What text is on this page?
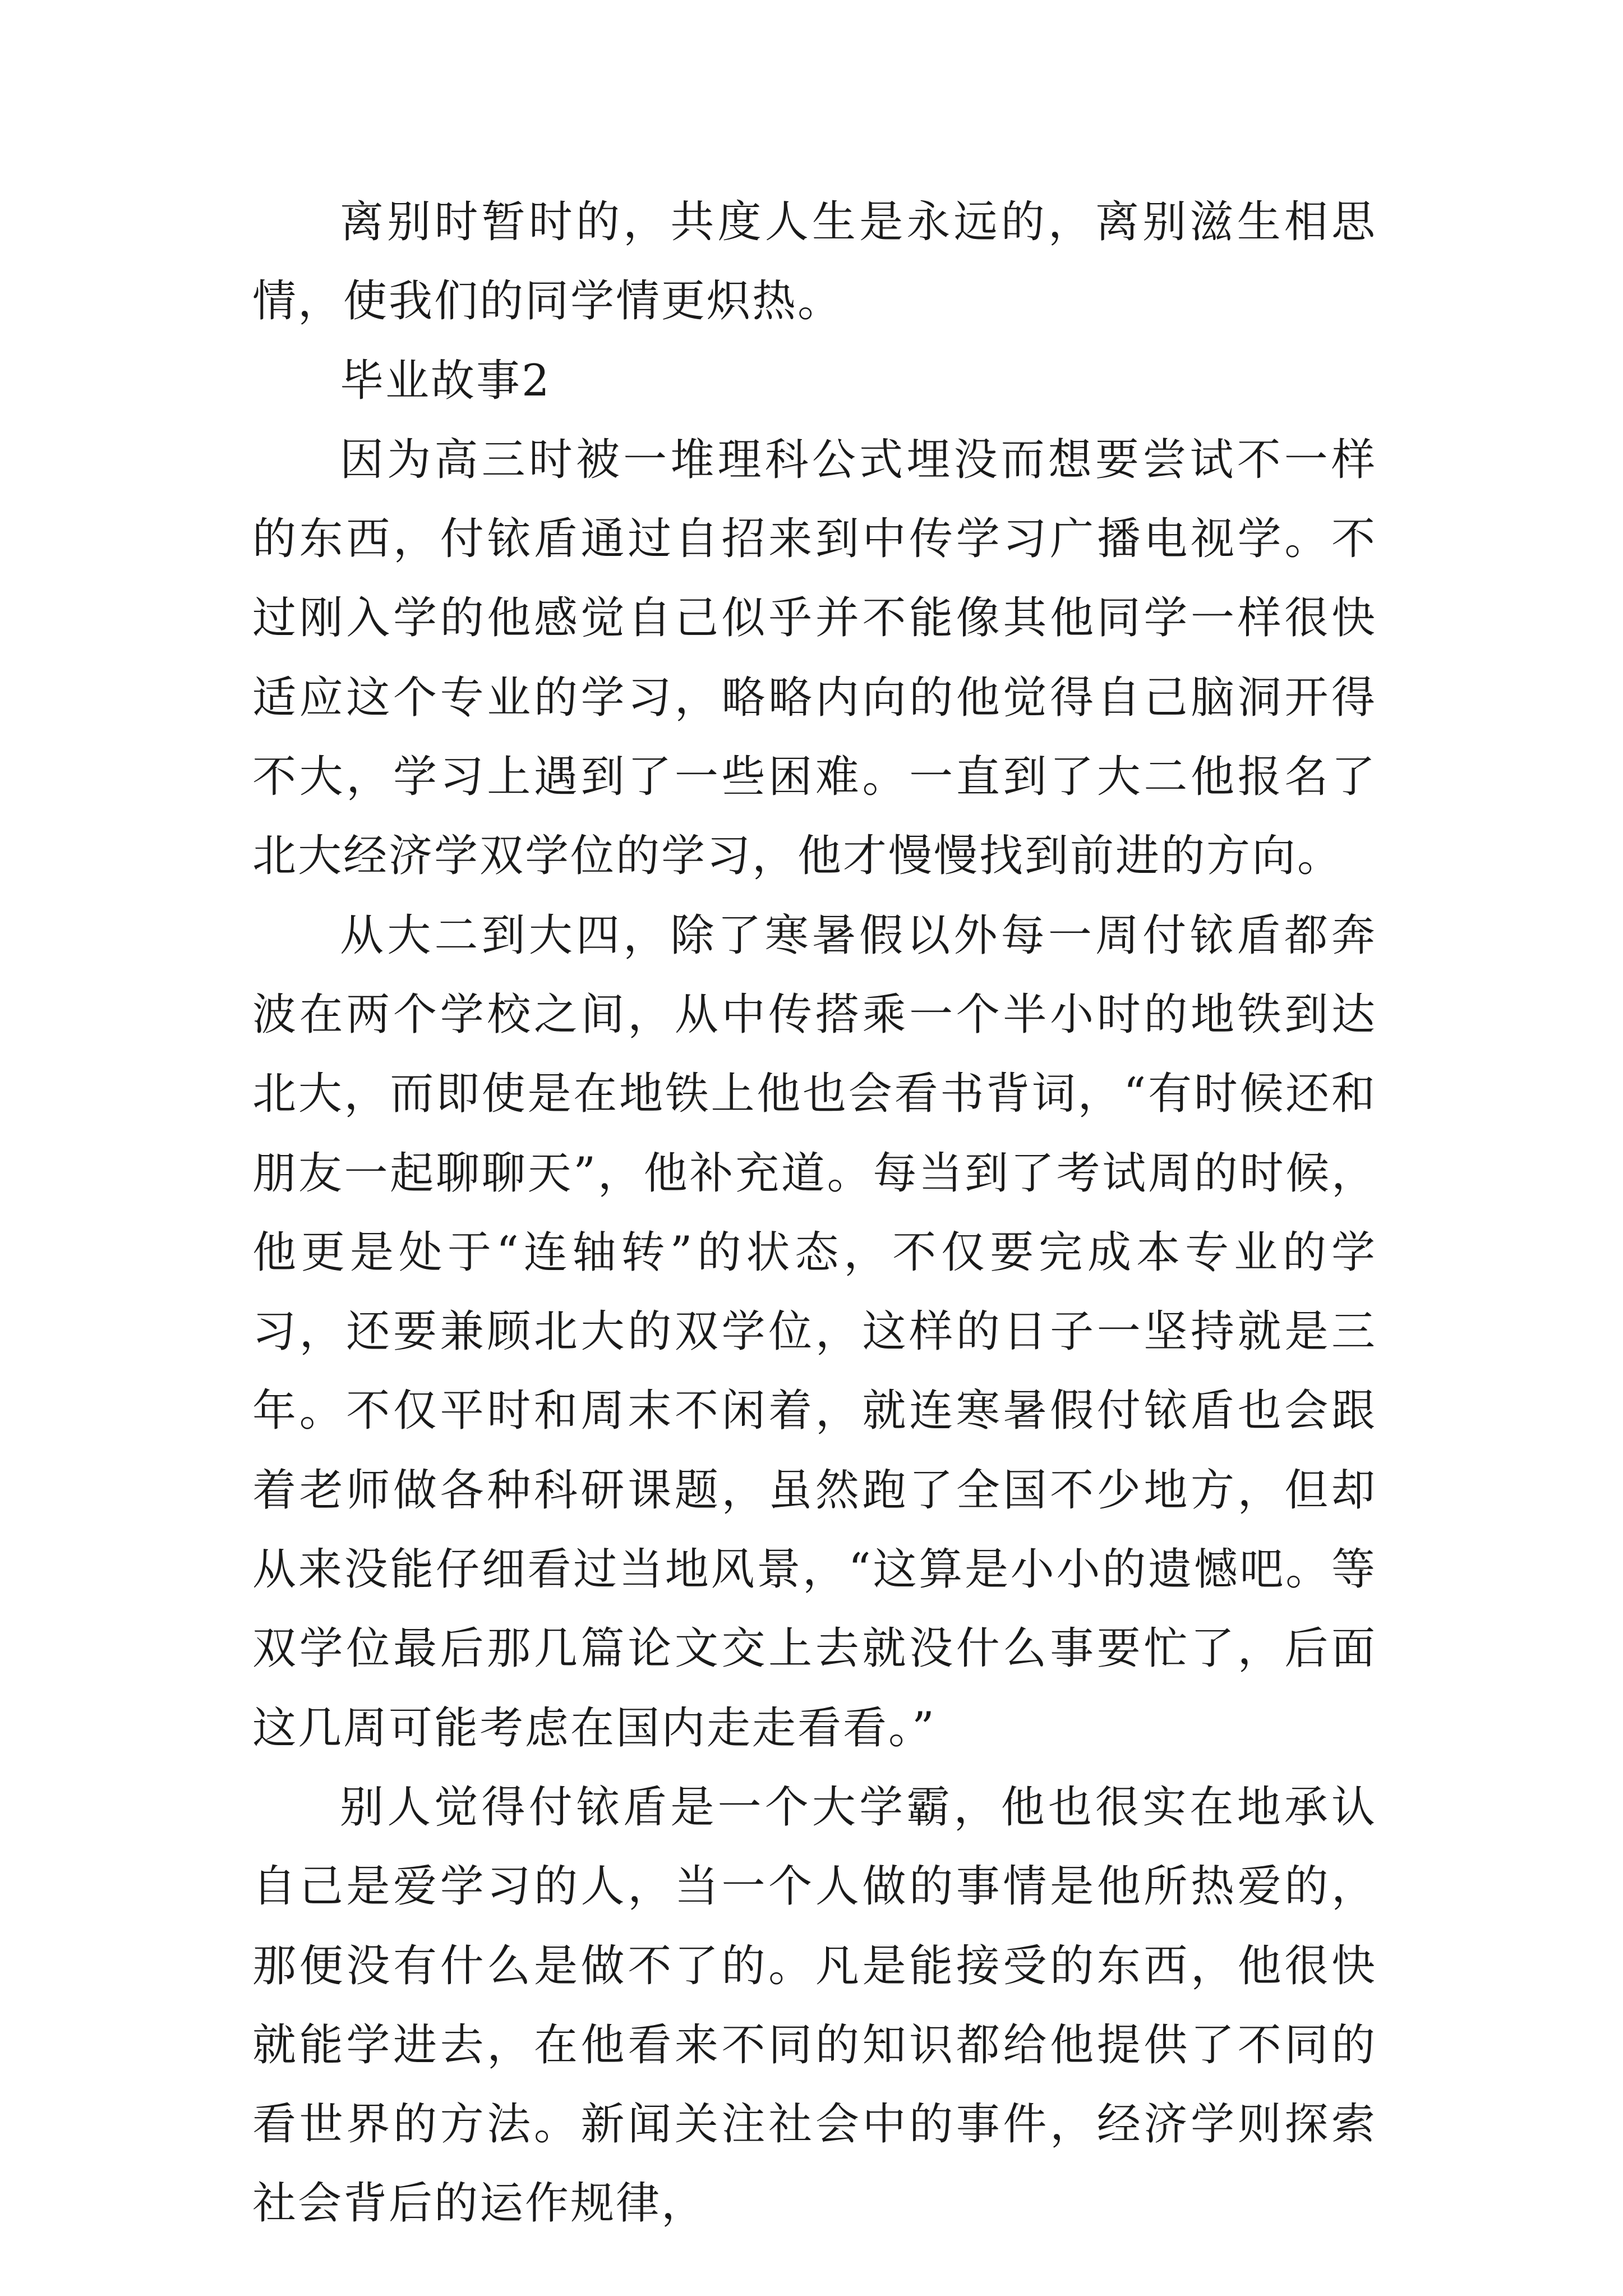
离别时暂时的，共度人生是永远的，离别滋生相思情，使我们的同学情更炽热。

毕业故事2

因为高三时被一堆理科公式埋没而想要尝试不一样的东西，付铱盾通过自招来到中传学习广播电视学。不过刚入学的他感觉自己似乎并不能像其他同学一样很快适应这个专业的学习，略略内向的他觉得自己脑洞开得不大，学习上遇到了一些困难。一直到了大二他报名了北大经济学双学位的学习，他才慢慢找到前进的方向。

从大二到大四，除了寒暑假以外每一周付铱盾都奔波在两个学校之间，从中传搭乘一个半小时的地铁到达北大，而即使是在地铁上他也会看书背词，“有时候还和朋友一起聊聊天”，他补充道。每当到了考试周的时候，他更是处于“连轴转”的状态，不仅要完成本专业的学习，还要兼顾北大的双学位，这样的日子一坚持就是三年。不仅平时和周末不闲着，就连寒暑假付铱盾也会跟着老师做各种科研课题，虽然跑了全国不少地方，但却从来没能仔细看过当地风景，“这算是小小的遗憾吧。等双学位最后那几篇论文交上去就没什么事要忙了，后面这几周可能考虑在国内走走看看。”

别人觉得付铱盾是一个大学霸，他也很实在地承认自己是爱学习的人，当一个人做的事情是他所热爱的，那便没有什么是做不了的。凡是能接受的东西，他很快就能学进去，在他看来不同的知识都给他提供了不同的看世界的方法。新闻关注社会中的事件，经济学则探索社会背后的运作规律，
